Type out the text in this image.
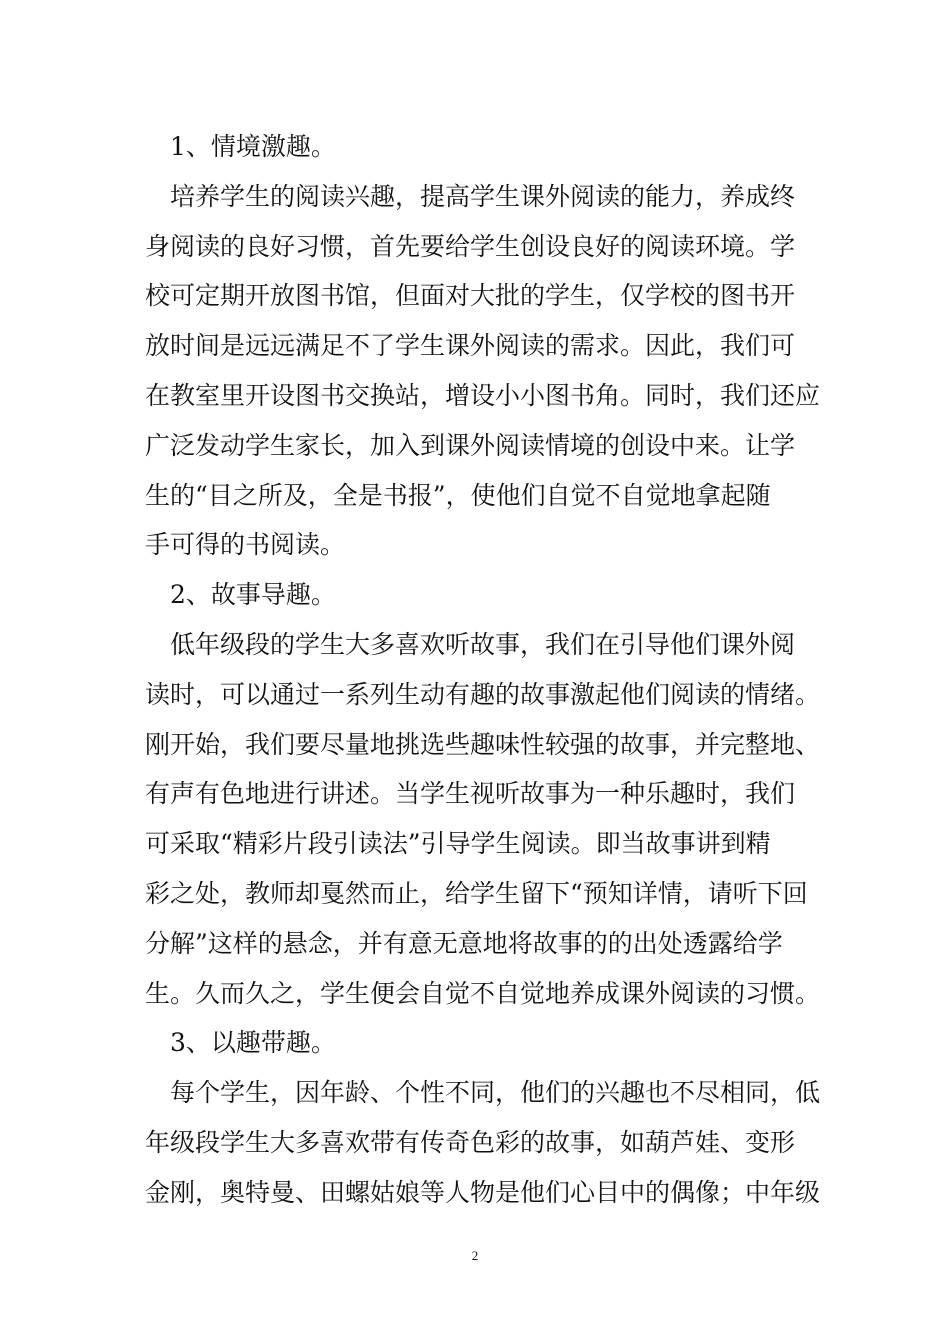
　1、情境激趣。
　培养学生的阅读兴趣，提高学生课外阅读的能力，养成终
身阅读的良好习惯，首先要给学生创设良好的阅读环境。学
校可定期开放图书馆，但面对大批的学生，仅学校的图书开
放时间是远远满足不了学生课外阅读的需求。因此，我们可
在教室里开设图书交换站，增设小小图书角。同时，我们还应
广泛发动学生家长，加入到课外阅读情境的创设中来。让学
生的“目之所及，全是书报”，使他们自觉不自觉地拿起随
手可得的书阅读。
　2、故事导趣。
　低年级段的学生大多喜欢听故事，我们在引导他们课外阅
读时，可以通过一系列生动有趣的故事激起他们阅读的情绪。
刚开始，我们要尽量地挑选些趣味性较强的故事，并完整地、
有声有色地进行讲述。当学生视听故事为一种乐趣时，我们
可采取“精彩片段引读法”引导学生阅读。即当故事讲到精
彩之处，教师却戛然而止，给学生留下“预知详情，请听下回
分解”这样的悬念，并有意无意地将故事的的出处透露给学
生。久而久之，学生便会自觉不自觉地养成课外阅读的习惯。
　3、以趣带趣。
　每个学生，因年龄、个性不同，他们的兴趣也不尽相同，低
年级段学生大多喜欢带有传奇色彩的故事，如葫芦娃、变形
金刚，奥特曼、田螺姑娘等人物是他们心目中的偶像；中年级
2
